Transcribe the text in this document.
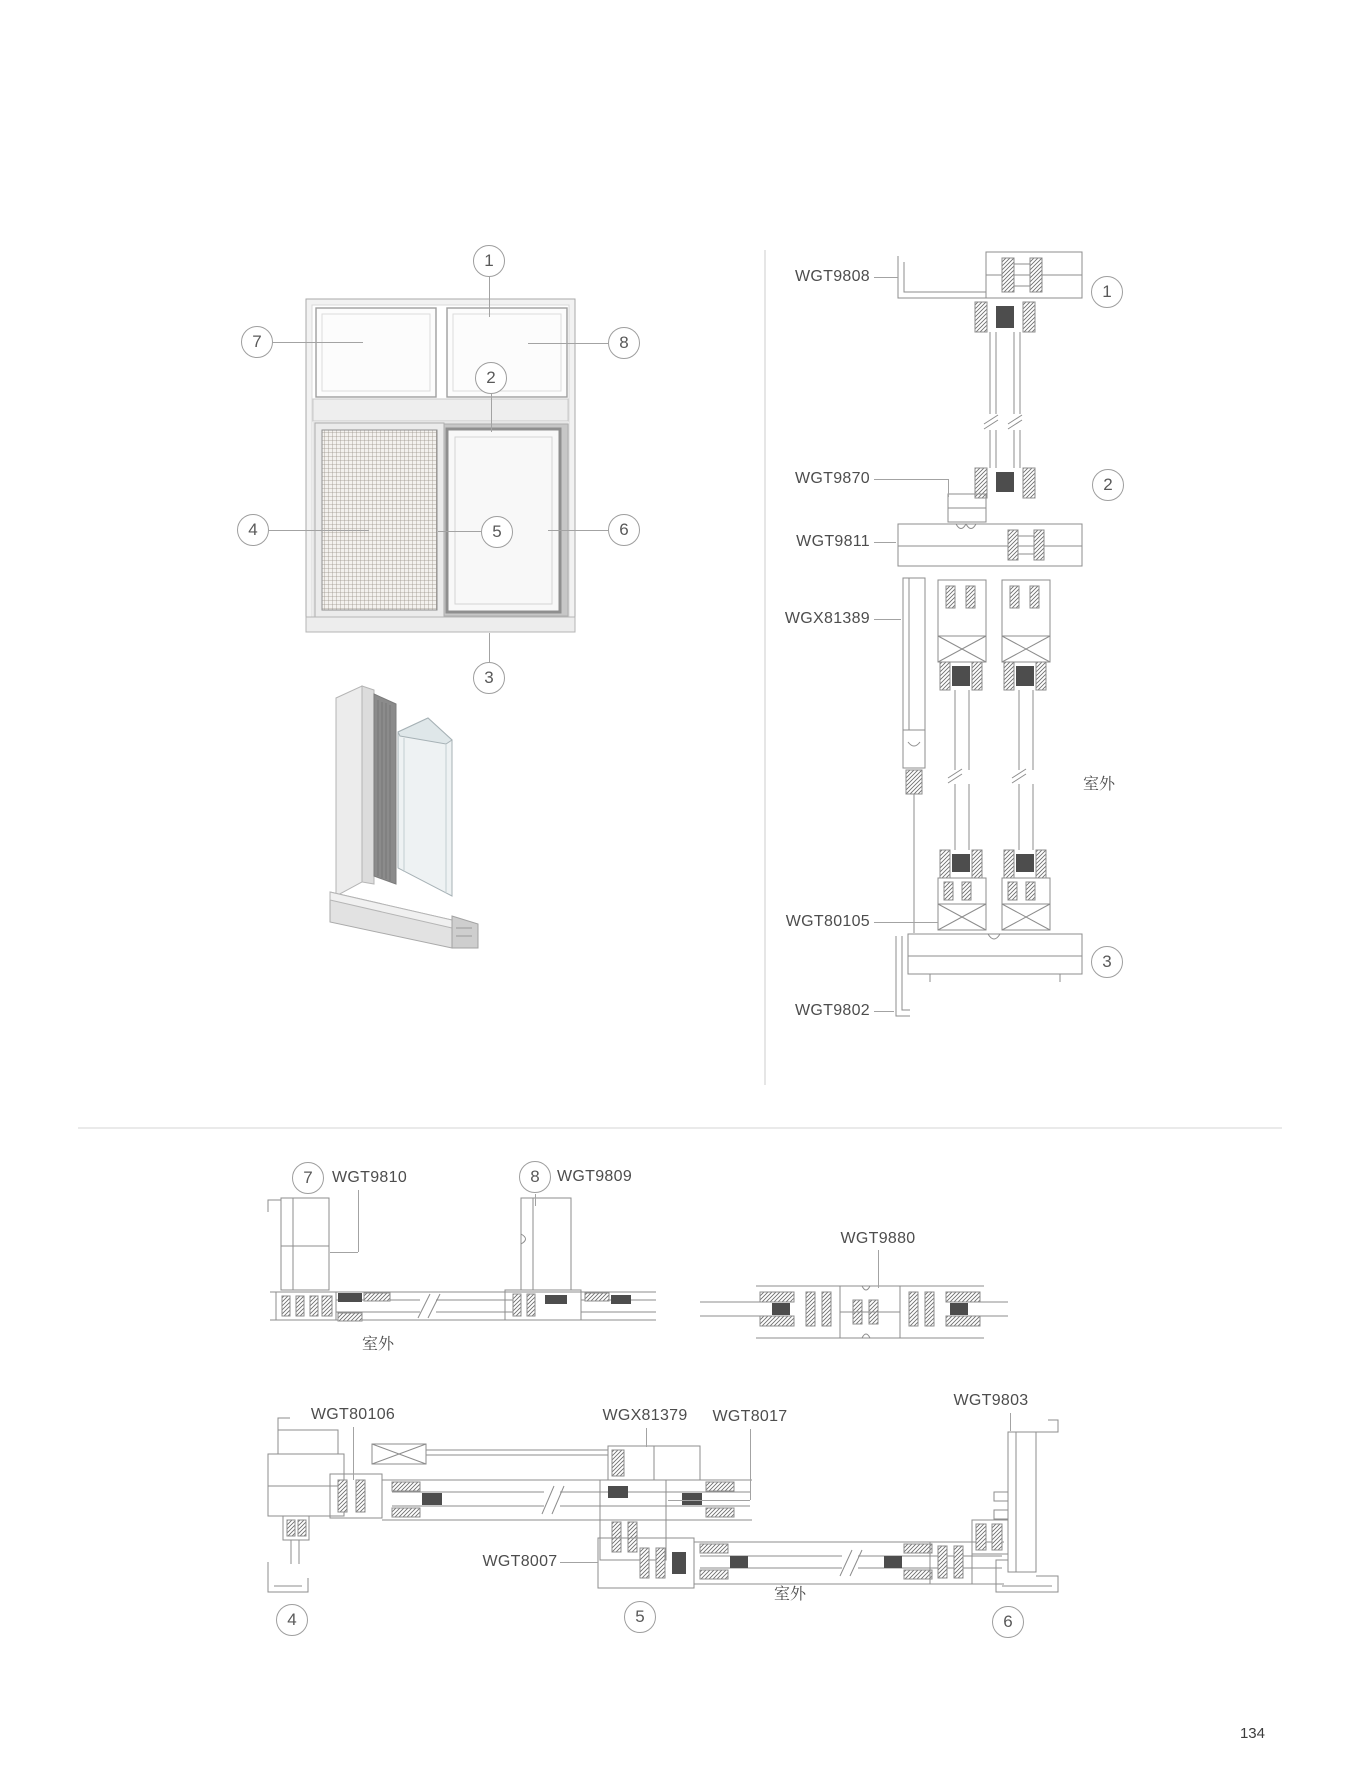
1
2
3
4	5	6
7	8
WGT9808
WGT9870
WGT9811
WGX81389
WGT80105
WGT9802
1
2
3
室外
7 WGT9810	8 WGT9809
WGT9880
室外
WGT80106	WGX81379 WGT8017
WGT9803
WGT8007
室外
4	5	6
134
